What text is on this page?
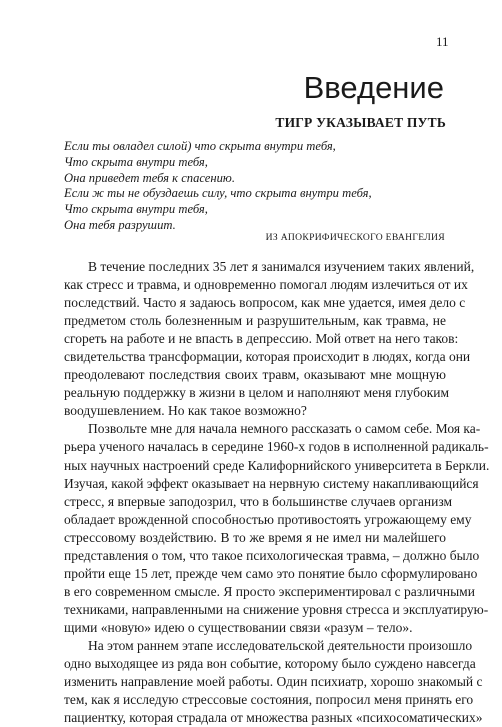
11
Введение
ТИГР УКАЗЫВАЕТ ПУТЬ
Если ты овладел силой) что скрыта внутри тебя,
Что скрыта внутри тебя,
Она приведет тебя к спасению.
Если ж ты не обуздаешь силу, что скрыта внутри тебя,
Что скрыта внутри тебя,
Она тебя разрушит.
ИЗ АПОКРИФИЧЕСКОГО ЕВАНГЕЛИЯ
В течение последних 35 лет я занимался изучением таких явлений,
как стресс и травма, и одновременно помогал людям излечиться от их
последствий. Часто я задаюсь вопросом, как мне удается, имея дело с
предметом столь болезненным и разрушительным, как травма, не
сгореть на работе и не впасть в депрессию. Мой ответ на него таков:
свидетельства трансформации, которая происходит в людях, когда они
преодолевают последствия своих травм, оказывают мне мощную
реальную поддержку в жизни в целом и наполняют меня глубоким
воодушевлением. Но как такое возможно?
Позвольте мне для начала немного рассказать о самом себе. Моя ка-
рьера ученого началась в середине 1960-х годов в исполненной радикаль-
ных научных настроений среде Калифорнийского университета в Беркли.
Изучая, какой эффект оказывает на нервную систему накапливающийся
стресс, я впервые заподозрил, что в большинстве случаев организм
обладает врожденной способностью противостоять угрожающему ему
стрессовому воздействию. В то же время я не имел ни малейшего
представления о том, что такое психологическая травма, – должно было
пройти еще 15 лет, прежде чем само это понятие было сформулировано
в его современном смысле. Я просто экспериментировал с различными
техниками, направленными на снижение уровня стресса и эксплуатирую-
щими «новую» идею о существовании связи «разум – тело».
На этом раннем этапе исследовательской деятельности произошло
одно выходящее из ряда вон событие, которому было суждено навсегда
изменить направление моей работы. Один психиатр, хорошо знакомый с
тем, как я исследую стрессовые состояния, попросил меня принять его
пациентку, которая страдала от множества разных «психосоматических»
